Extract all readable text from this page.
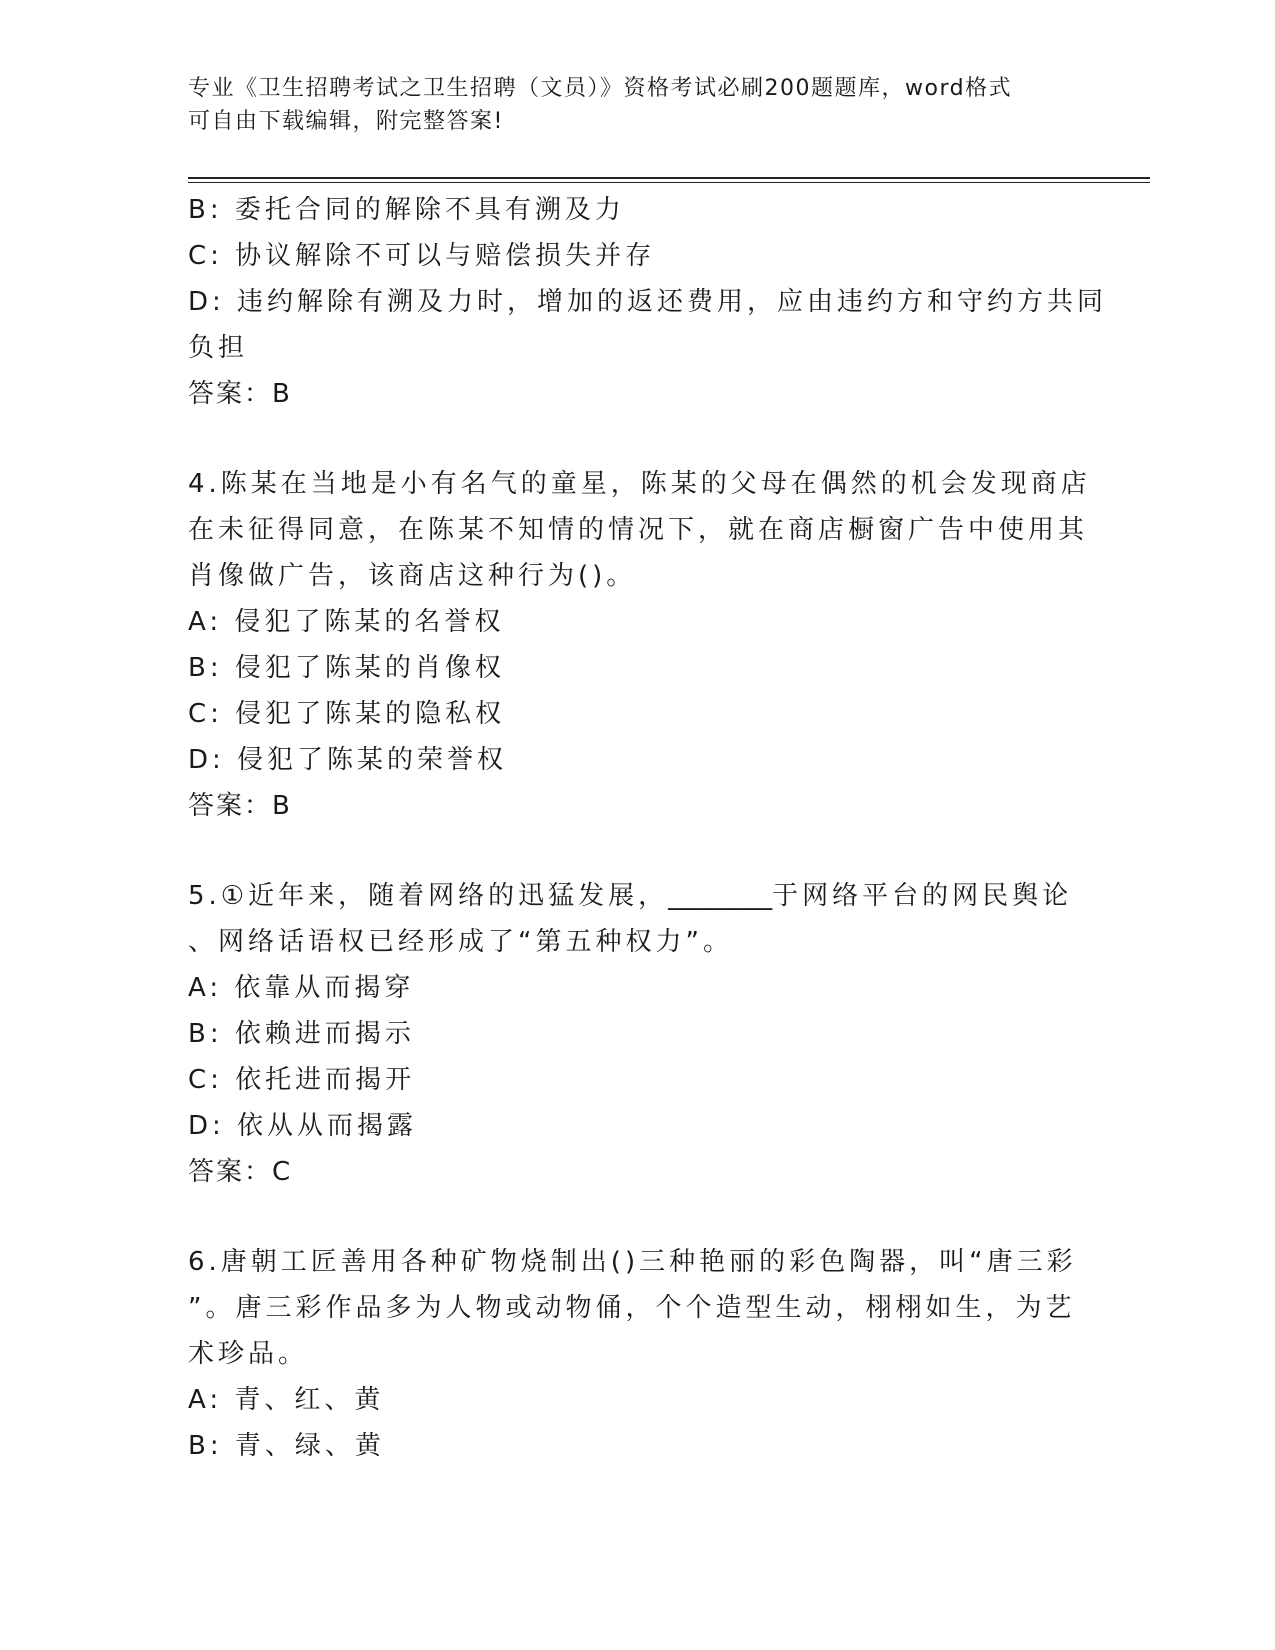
专业《卫生招聘考试之卫生招聘（文员）》资格考试必刷200题题库，word格式
可自由下载编辑，附完整答案!
B: 委托合同的解除不具有溯及力
C: 协议解除不可以与赔偿损失并存
D: 违约解除有溯及力时，增加的返还费用，应由违约方和守约方共同
负担
答案：B
4.陈某在当地是小有名气的童星，陈某的父母在偶然的机会发现商店
在未征得同意，在陈某不知情的情况下，就在商店橱窗广告中使用其
肖像做广告，该商店这种行为()。
A: 侵犯了陈某的名誉权
B: 侵犯了陈某的肖像权
C: 侵犯了陈某的隐私权
D: 侵犯了陈某的荣誉权
答案：B
5.①近年来，随着网络的迅猛发展，________于网络平台的网民舆论
、网络话语权已经形成了“第五种权力”。
A: 依靠从而揭穿
B: 依赖进而揭示
C: 依托进而揭开
D: 依从从而揭露
答案：C
6.唐朝工匠善用各种矿物烧制出()三种艳丽的彩色陶器，叫“唐三彩
”。唐三彩作品多为人物或动物俑，个个造型生动，栩栩如生，为艺
术珍品。
A: 青、红、黄
B: 青、绿、黄
